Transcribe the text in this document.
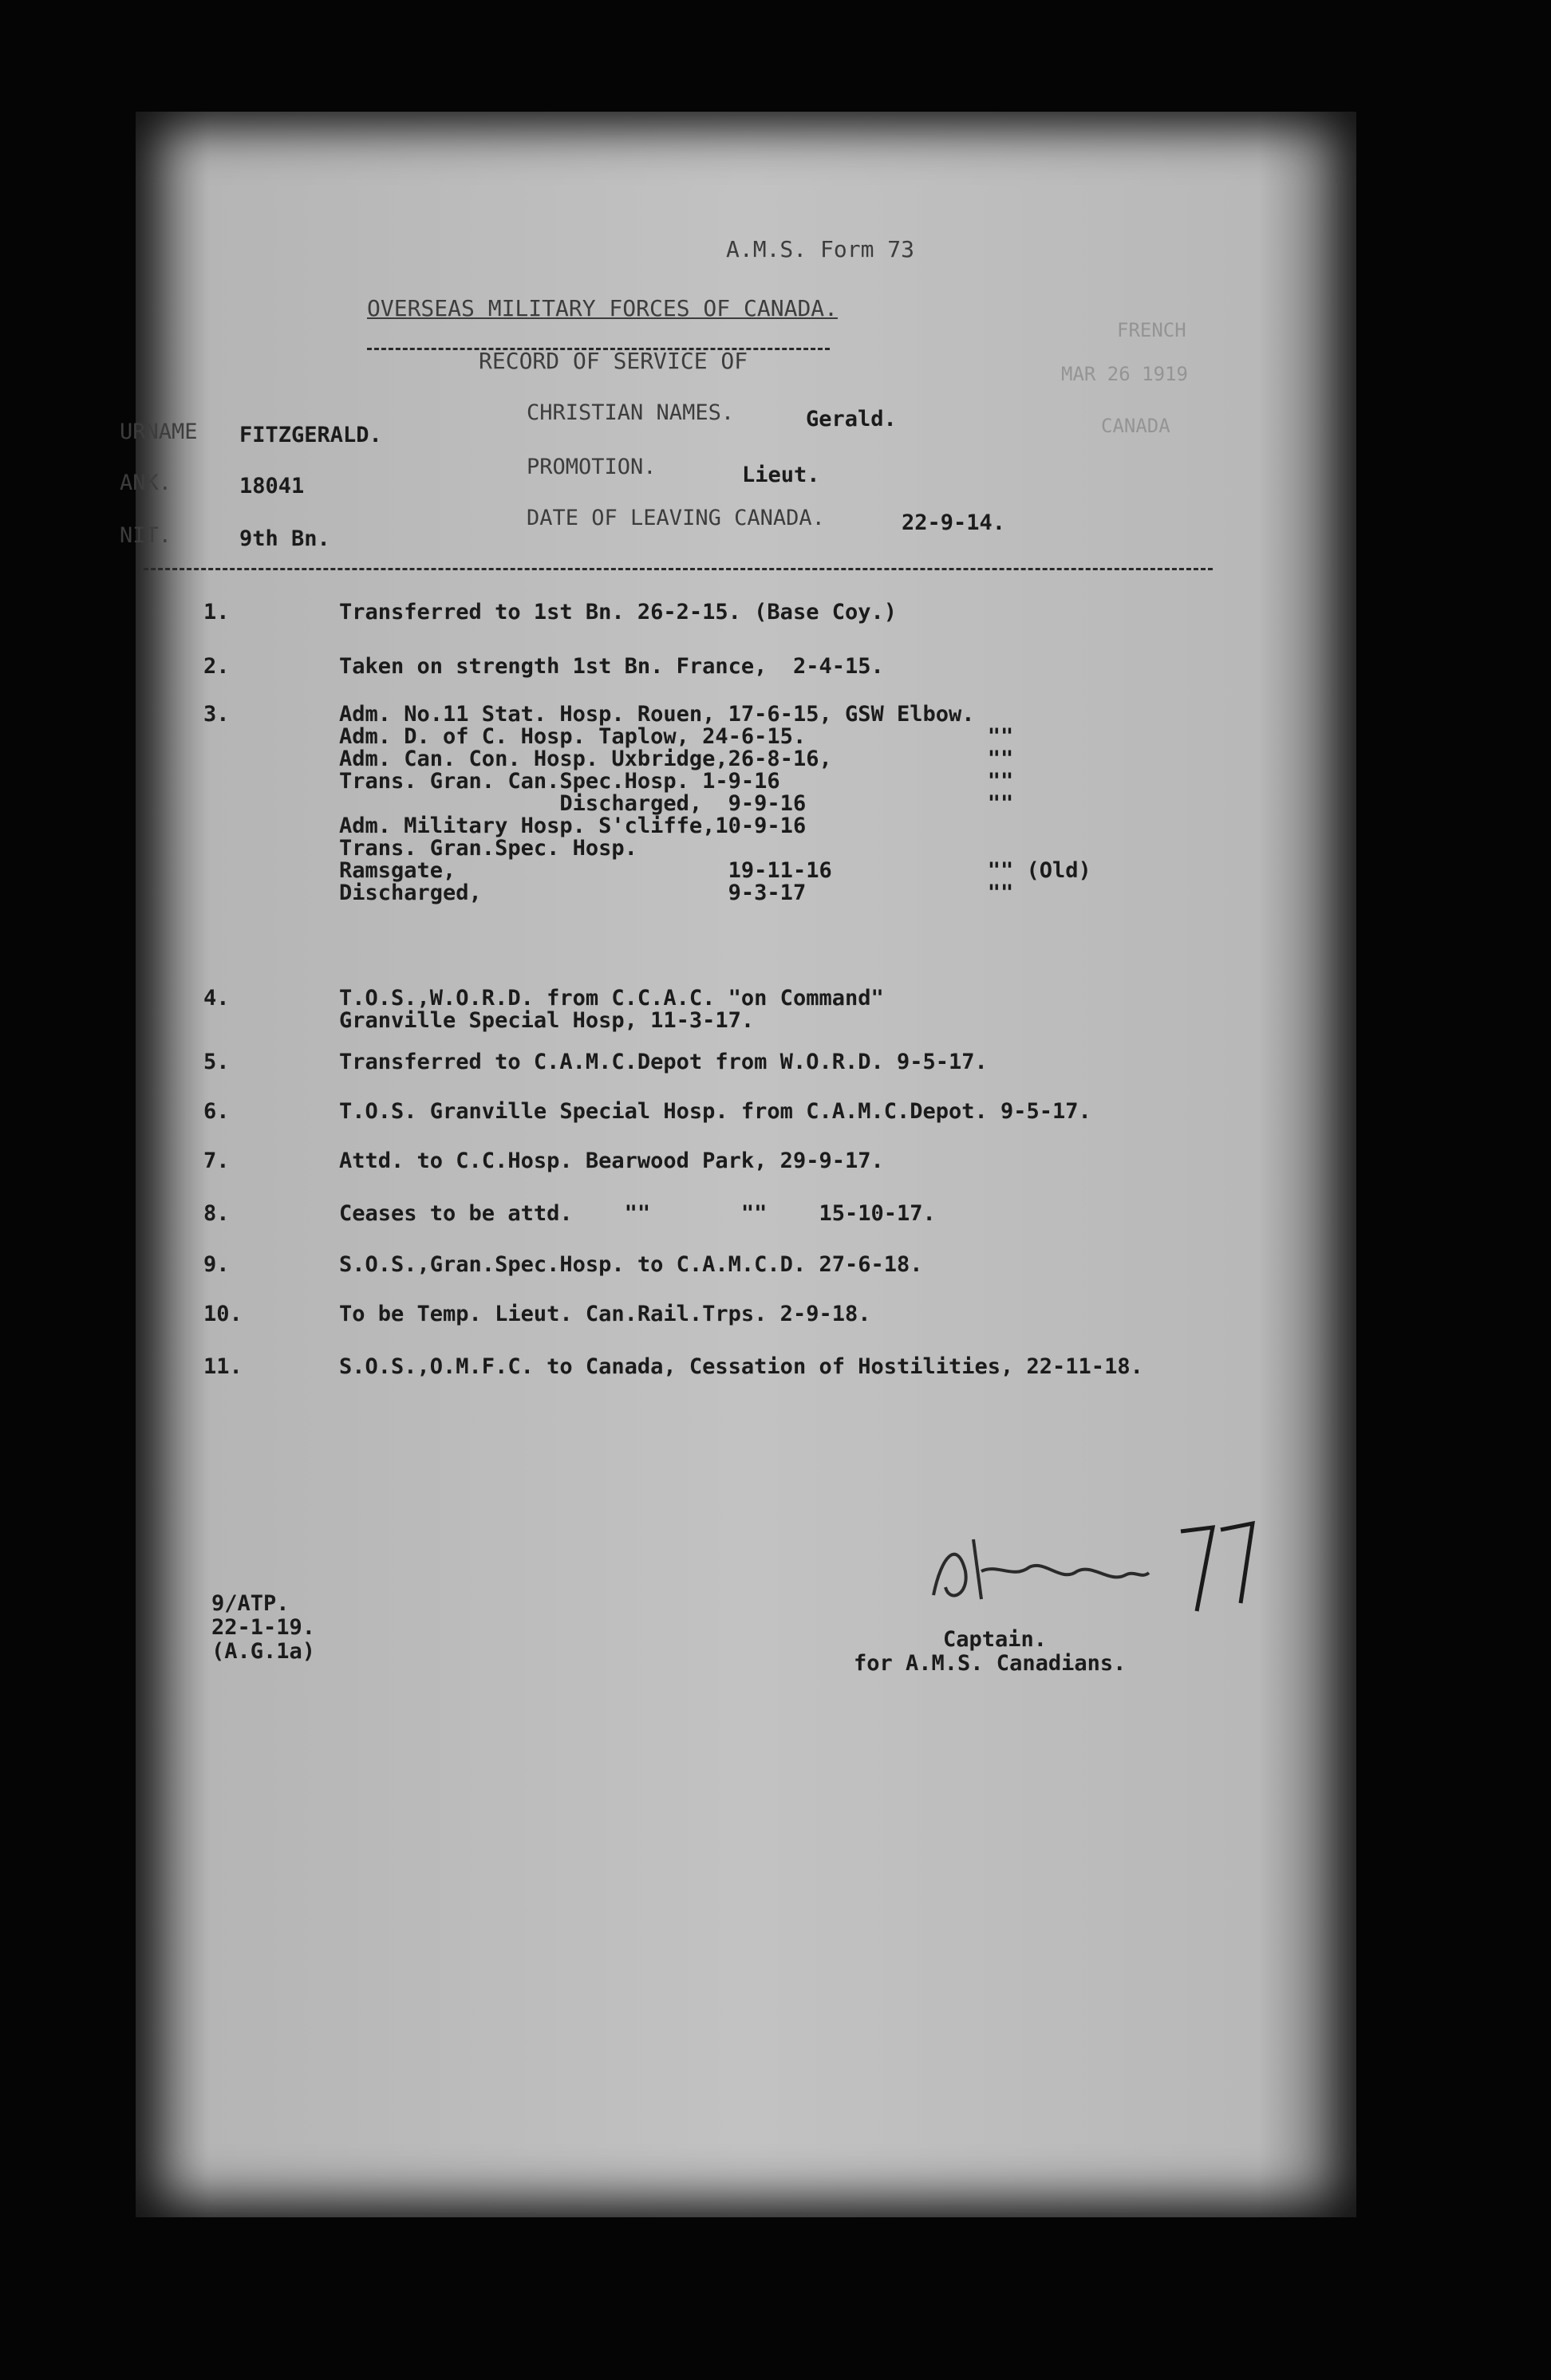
A.M.S. Form 73
OVERSEAS MILITARY FORCES OF CANADA.
RECORD OF SERVICE OF
URNAME FITZGERALD.
ANK.	18041
NIT.	9th Bn.
CHRISTIAN NAMES.	Gerald.
PROMOTION.	Lieut.
DATE OF LEAVING CANADA.	22-9-14.
FRENCH
MAR 26 1919
CANADA
1.	Transferred to 1st Bn. 26-2-15. (Base Coy.)
2.	Taken on strength 1st Bn. France,  2-4-15.
3.	Adm. No.11 Stat. Hosp. Rouen, 17-6-15, GSW Elbow.
Adm. D. of C. Hosp. Taplow, 24-6-15.              ""
Adm. Can. Con. Hosp. Uxbridge,26-8-16,            ""
Trans. Gran. Can.Spec.Hosp. 1-9-16                ""
Discharged,  9-9-16              ""
Adm. Military Hosp. S'cliffe,10-9-16
Trans. Gran.Spec. Hosp.
Ramsgate,                     19-11-16            "" (Old)
Discharged,                   9-3-17              ""
4.	T.O.S.,W.O.R.D. from C.C.A.C. "on Command"
Granville Special Hosp, 11-3-17.
5.	Transferred to C.A.M.C.Depot from W.O.R.D. 9-5-17.
6.	T.O.S. Granville Special Hosp. from C.A.M.C.Depot. 9-5-17.
7.	Attd. to C.C.Hosp. Bearwood Park, 29-9-17.
8.	Ceases to be attd.    ""       ""    15-10-17.
9.	S.O.S.,Gran.Spec.Hosp. to C.A.M.C.D. 27-6-18.
10.	To be Temp. Lieut. Can.Rail.Trps. 2-9-18.
11.	S.O.S.,O.M.F.C. to Canada, Cessation of Hostilities, 22-11-18.
9/ATP.
22-1-19.
(A.G.1a)	Captain.
for A.M.S. Canadians.
